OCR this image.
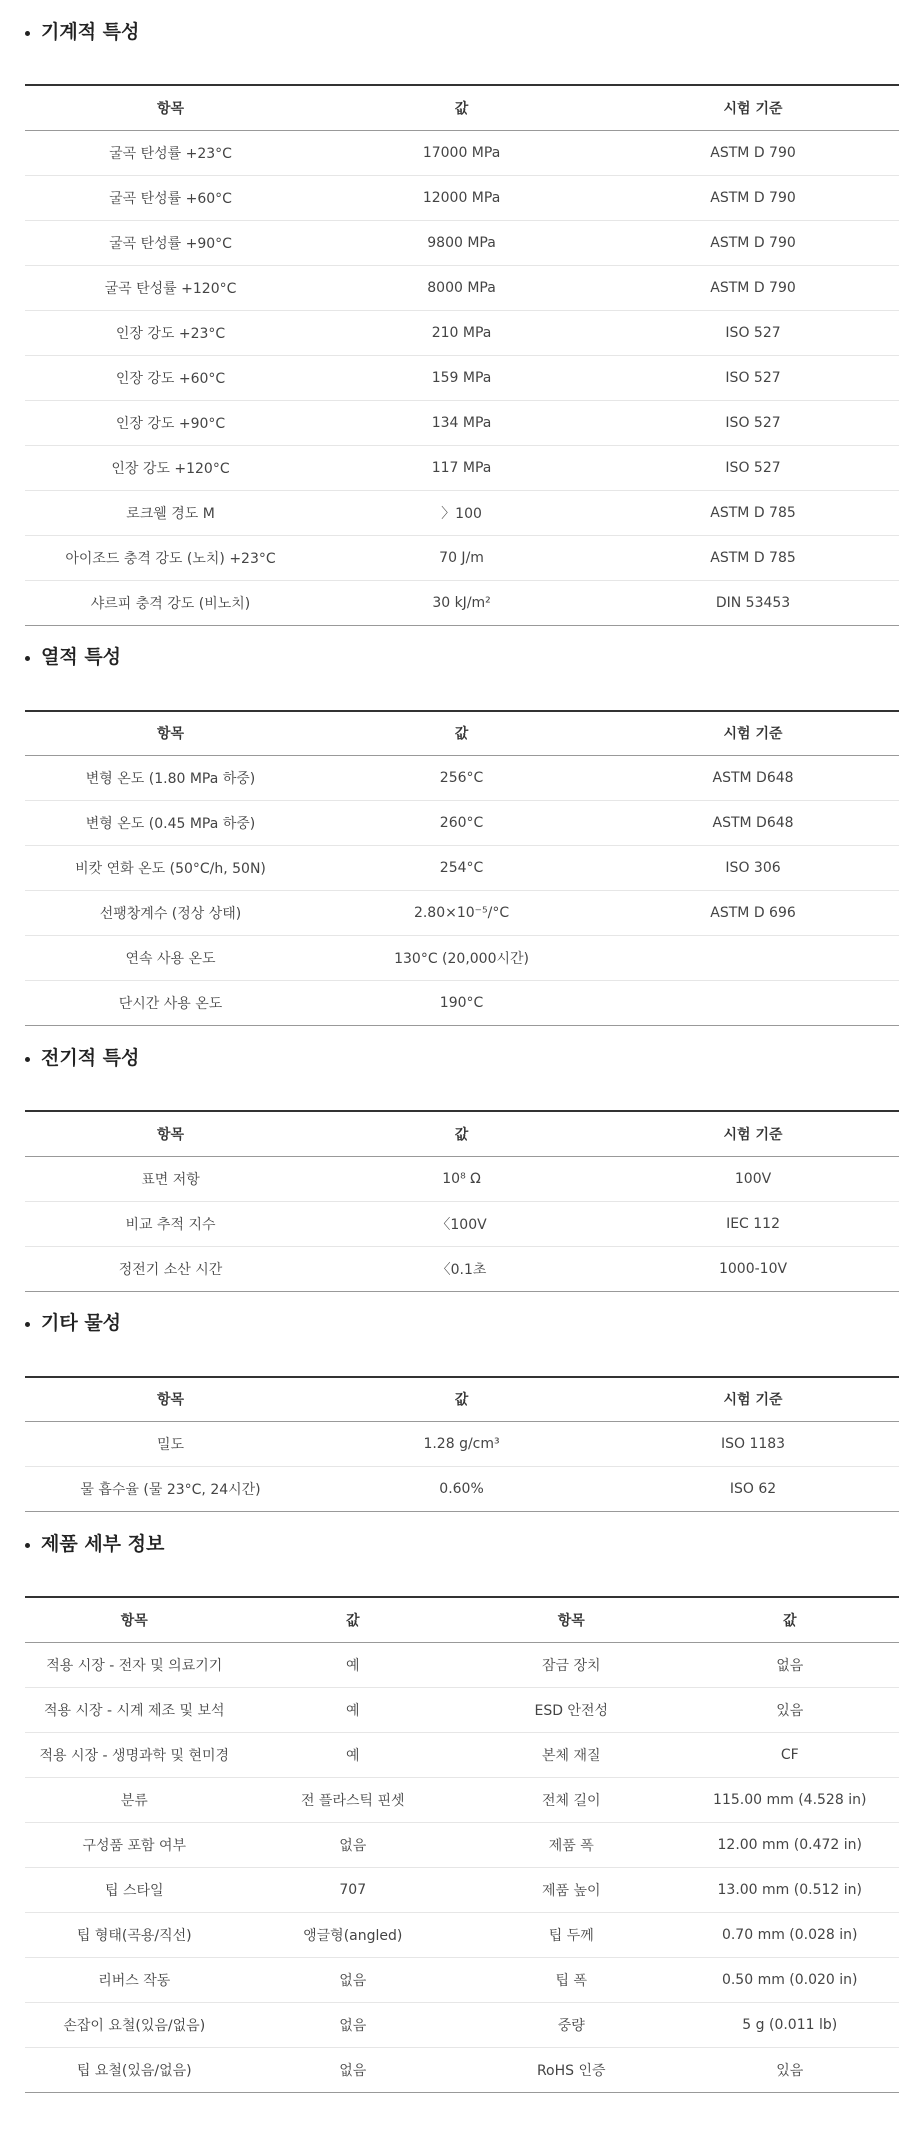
기계적 특성
항목	값	시험 기준
굴곡 탄성률 +23°C	17000 MPa	ASTM D 790
굴곡 탄성률 +60°C	12000 MPa	ASTM D 790
굴곡 탄성률 +90°C	9800 MPa	ASTM D 790
굴곡 탄성률 +120°C	8000 MPa	ASTM D 790
인장 강도 +23°C	210 MPa	ISO 527
인장 강도 +60°C	159 MPa	ISO 527
인장 강도 +90°C	134 MPa	ISO 527
인장 강도 +120°C	117 MPa	ISO 527
로크웰 경도 M	〉100	ASTM D 785
아이조드 충격 강도 (노치) +23°C	70 J/m	ASTM D 785
샤르피 충격 강도 (비노치)	30 kJ/m²	DIN 53453
열적 특성
항목	값	시험 기준
변형 온도 (1.80 MPa 하중)	256°C	ASTM D648
변형 온도 (0.45 MPa 하중)	260°C	ASTM D648
비캇 연화 온도 (50°C/h, 50N)	254°C	ISO 306
선팽창계수 (정상 상태)	2.80×10⁻⁵/°C	ASTM D 696
연속 사용 온도	130°C (20,000시간)	
단시간 사용 온도	190°C	
전기적 특성
항목	값	시험 기준
표면 저항	10⁸ Ω	100V
비교 추적 지수	〈100V	IEC 112
정전기 소산 시간	〈0.1초	1000-10V
기타 물성
항목	값	시험 기준
밀도	1.28 g/cm³	ISO 1183
물 흡수율 (물 23°C, 24시간)	0.60%	ISO 62
제품 세부 정보
항목	값	항목	값
적용 시장 - 전자 및 의료기기	예	잠금 장치	없음
적용 시장 - 시계 제조 및 보석	예	ESD 안전성	있음
적용 시장 - 생명과학 및 현미경	예	본체 재질	CF
분류	전 플라스틱 핀셋	전체 길이	115.00 mm (4.528 in)
구성품 포함 여부	없음	제품 폭	12.00 mm (0.472 in)
팁 스타일	707	제품 높이	13.00 mm (0.512 in)
팁 형태(곡용/직선)	앵글형(angled)	팁 두께	0.70 mm (0.028 in)
리버스 작동	없음	팁 폭	0.50 mm (0.020 in)
손잡이 요철(있음/없음)	없음	중량	5 g (0.011 lb)
팁 요철(있음/없음)	없음	RoHS 인증	있음
